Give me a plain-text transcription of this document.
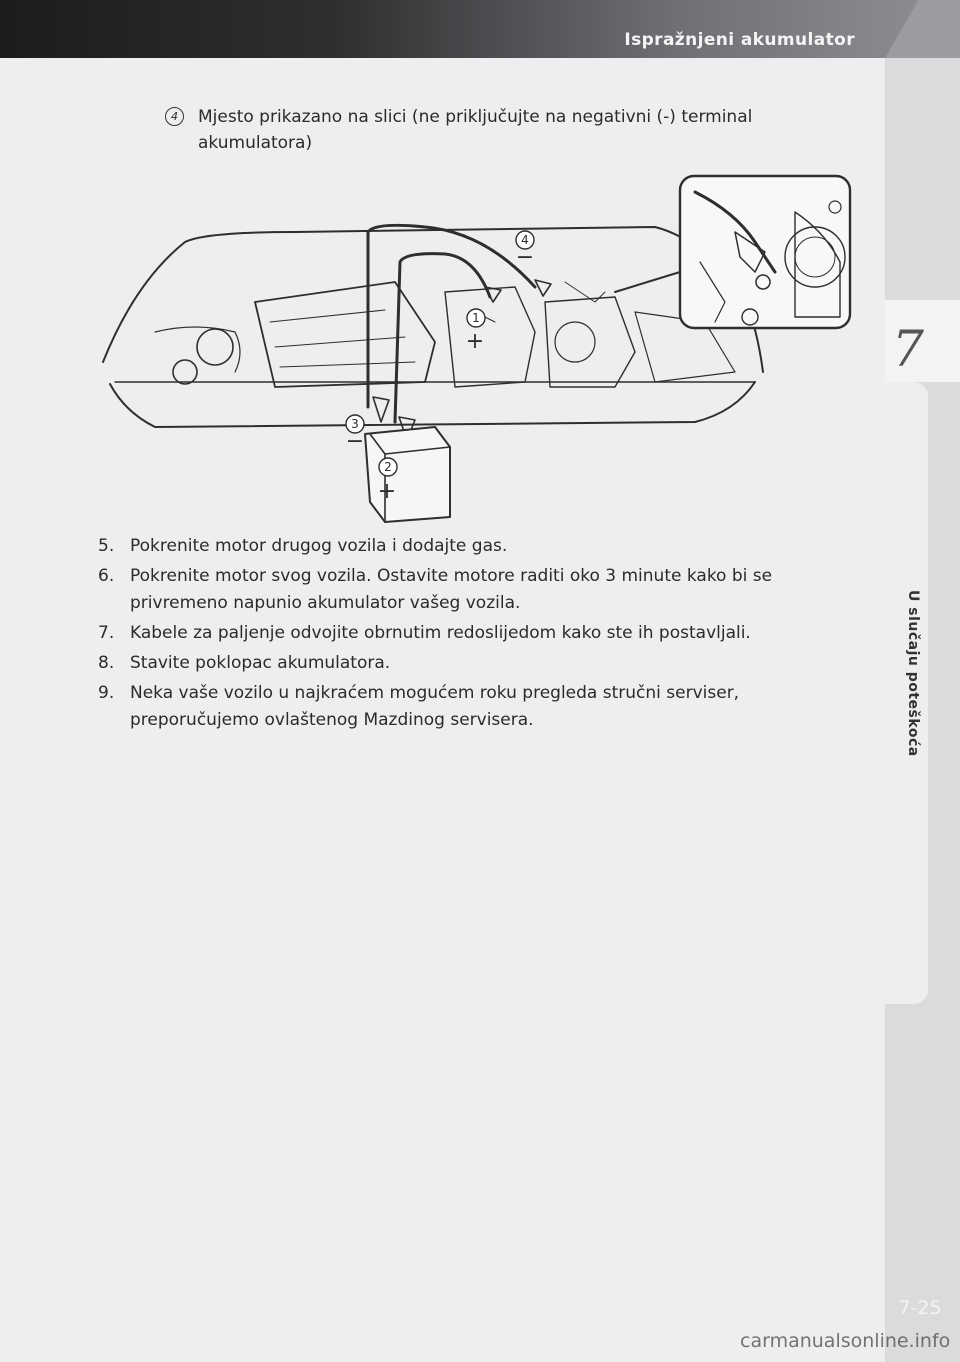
Ispražnjeni akumulator
7
U slučaju poteškoća
4	Mjesto prikazano na slici (ne priključujte na negativni (-) terminal akumulatora)
1
2
3
4
+
+
−
−
5. Pokrenite motor drugog vozila i dodajte gas.
6. Pokrenite motor svog vozila. Ostavite motore raditi oko 3 minute kako bi se privremeno napunio akumulator vašeg vozila.
7. Kabele za paljenje odvojite obrnutim redoslijedom kako ste ih postavljali.
8. Stavite poklopac akumulatora.
9. Neka vaše vozilo u najkraćem mogućem roku pregleda stručni serviser, preporučujemo ovlaštenog Mazdinog servisera.
7-25
carmanualsonline.info
